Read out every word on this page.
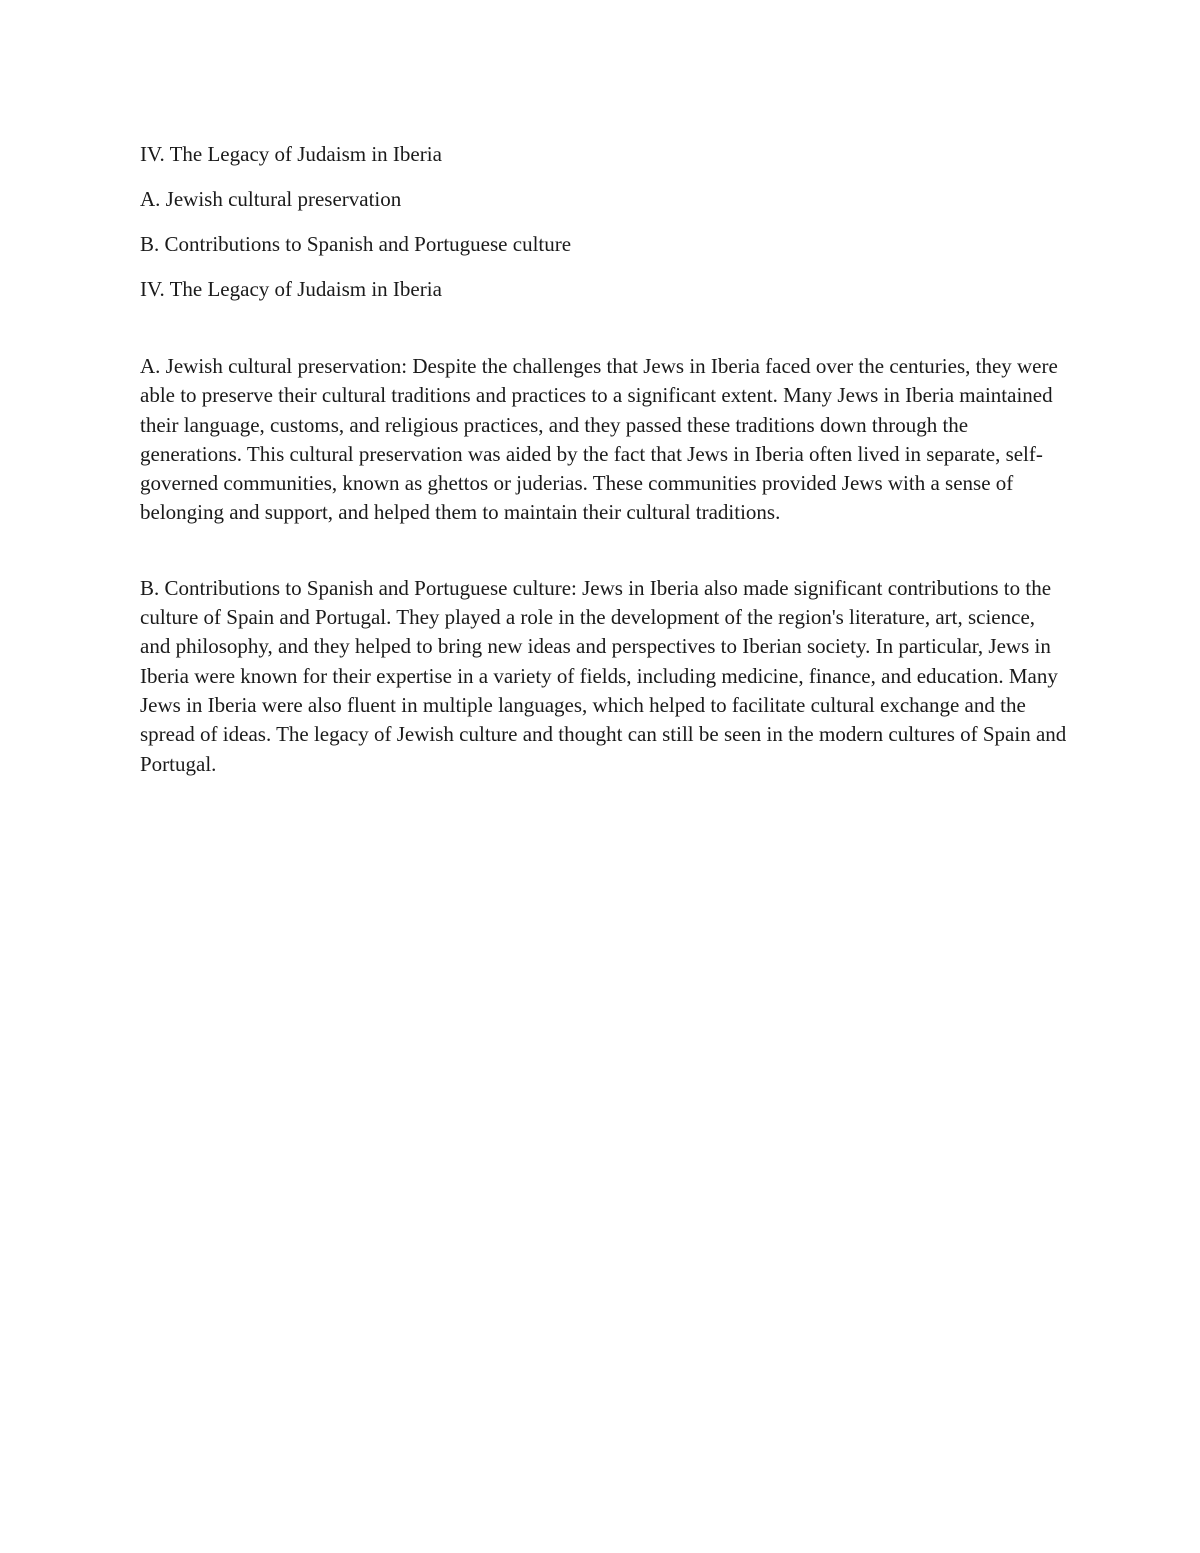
IV. The Legacy of Judaism in Iberia

A. Jewish cultural preservation

B. Contributions to Spanish and Portuguese culture

IV. The Legacy of Judaism in Iberia

A. Jewish cultural preservation: Despite the challenges that Jews in Iberia faced over the centuries, they were able to preserve their cultural traditions and practices to a significant extent. Many Jews in Iberia maintained their language, customs, and religious practices, and they passed these traditions down through the generations. This cultural preservation was aided by the fact that Jews in Iberia often lived in separate, self-governed communities, known as ghettos or juderias. These communities provided Jews with a sense of belonging and support, and helped them to maintain their cultural traditions.

B. Contributions to Spanish and Portuguese culture: Jews in Iberia also made significant contributions to the culture of Spain and Portugal. They played a role in the development of the region's literature, art, science, and philosophy, and they helped to bring new ideas and perspectives to Iberian society. In particular, Jews in Iberia were known for their expertise in a variety of fields, including medicine, finance, and education. Many Jews in Iberia were also fluent in multiple languages, which helped to facilitate cultural exchange and the spread of ideas. The legacy of Jewish culture and thought can still be seen in the modern cultures of Spain and Portugal.
